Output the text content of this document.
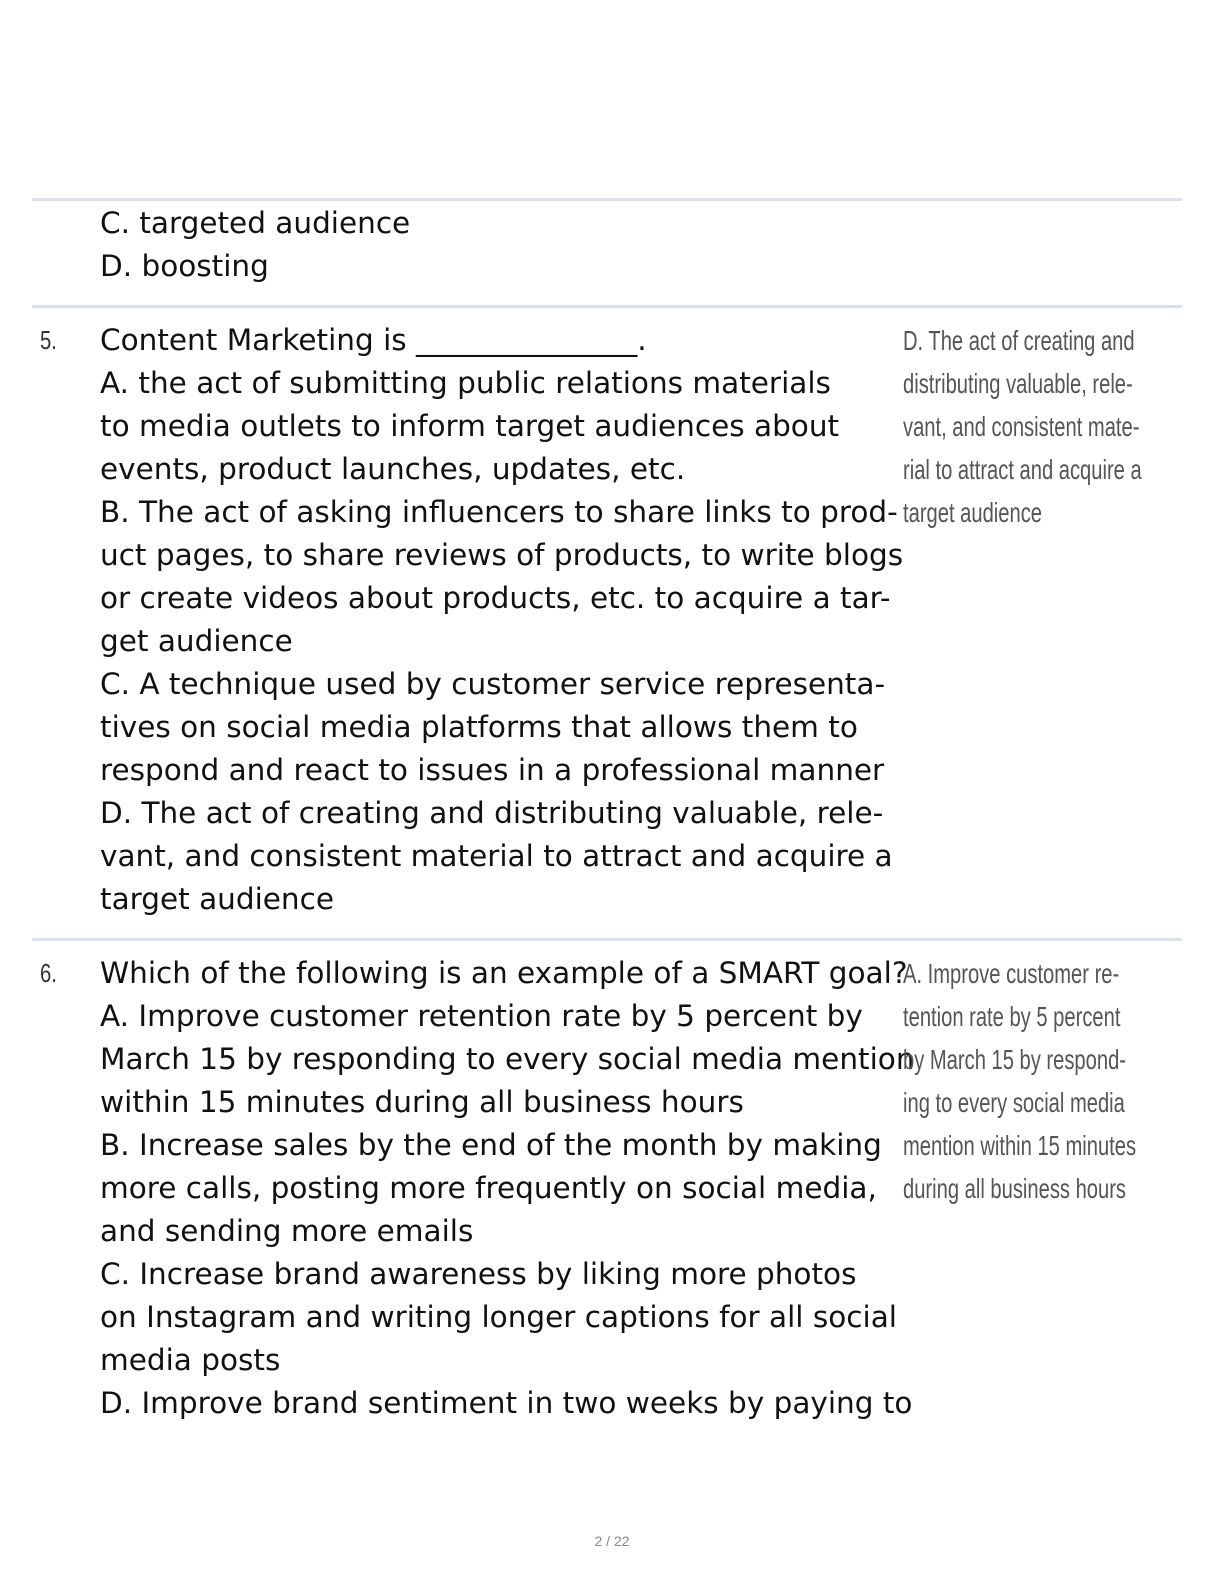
C. targeted audience
D. boosting
5. Content Marketing is _______________.
A. the act of submitting public relations materials
to media outlets to inform target audiences about
events, product launches, updates, etc.
B. The act of asking influencers to share links to prod-
uct pages, to share reviews of products, to write blogs
or create videos about products, etc. to acquire a tar-
get audience
C. A technique used by customer service representa-
tives on social media platforms that allows them to
respond and react to issues in a professional manner
D. The act of creating and distributing valuable, rele-
vant, and consistent material to attract and acquire a
target audience
D. The act of creating and
distributing valuable, rele-
vant, and consistent mate-
rial to attract and acquire a
target audience
6. Which of the following is an example of a SMART goal?
A. Improve customer retention rate by 5 percent by
March 15 by responding to every social media mention
within 15 minutes during all business hours
B. Increase sales by the end of the month by making
more calls, posting more frequently on social media,
and sending more emails
C. Increase brand awareness by liking more photos
on Instagram and writing longer captions for all social
media posts
D. Improve brand sentiment in two weeks by paying to
A. Improve customer re-
tention rate by 5 percent
by March 15 by respond-
ing to every social media
mention within 15 minutes
during all business hours
2 / 22
